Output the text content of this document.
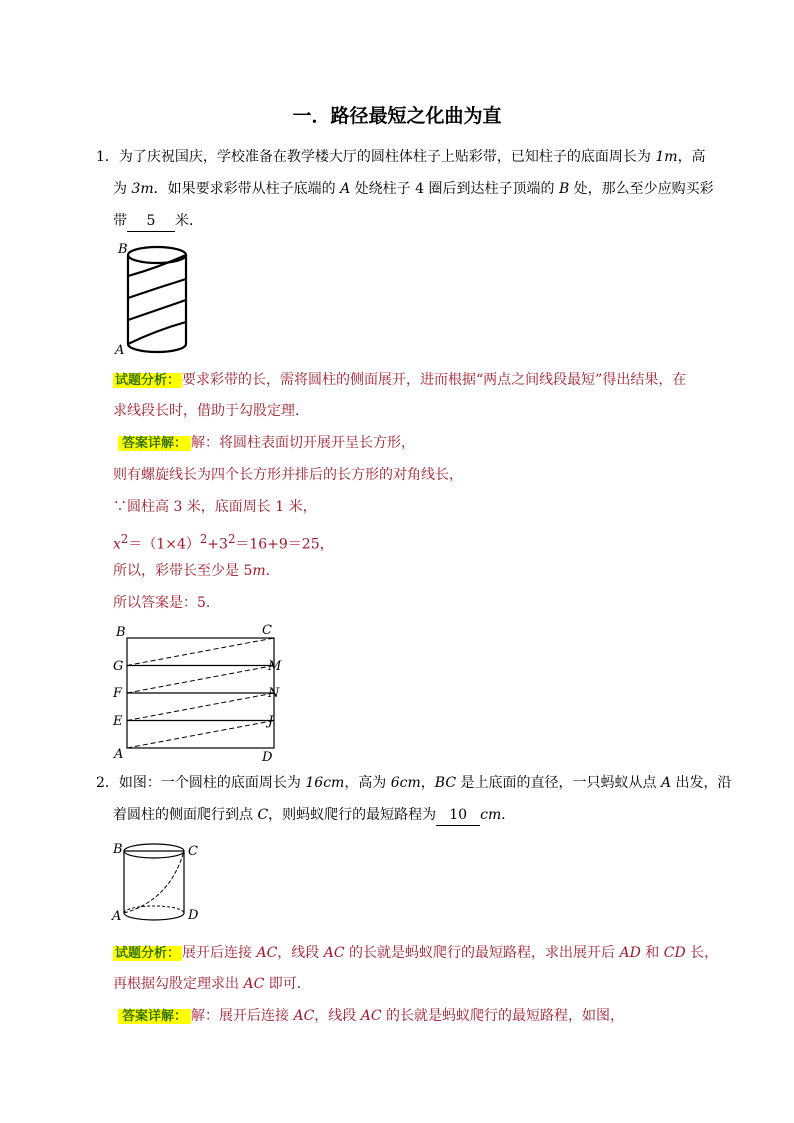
一．路径最短之化曲为直
1．为了庆祝国庆，学校准备在教学楼大厅的圆柱体柱子上贴彩带，已知柱子的底面周长为 1m，高
为 3m．如果要求彩带从柱子底端的 A 处绕柱子 4 圈后到达柱子顶端的 B 处，那么至少应购买彩
带 5 米．
B
A
试题分析： 要求彩带的长，需将圆柱的侧面展开，进而根据“两点之间线段最短”得出结果，在
求线段长时，借助于勾股定理．
答案详解： 解：将圆柱表面切开展开呈长方形，
则有螺旋线长为四个长方形并排后的长方形的对角线长，
∵圆柱高 3 米，底面周长 1 米，
$x^2=(1\times 4)^2+3^2=16+9=25$，
所以，彩带长至少是 5m．
所以答案是：5．
B	C
G	M
F	N
E	J
A	D
2．如图：一个圆柱的底面周长为 16cm，高为 6cm，BC 是上底面的直径，一只蚂蚁从点 A 出发，沿
着圆柱的侧面爬行到点 C，则蚂蚁爬行的最短路程为 10 cm．
B	C
A	D
试题分析： 展开后连接 AC，线段 AC 的长就是蚂蚁爬行的最短路程，求出展开后 AD 和 CD 长，
再根据勾股定理求出 AC 即可．
答案详解： 解：展开后连接 AC，线段 AC 的长就是蚂蚁爬行的最短路程，如图，
